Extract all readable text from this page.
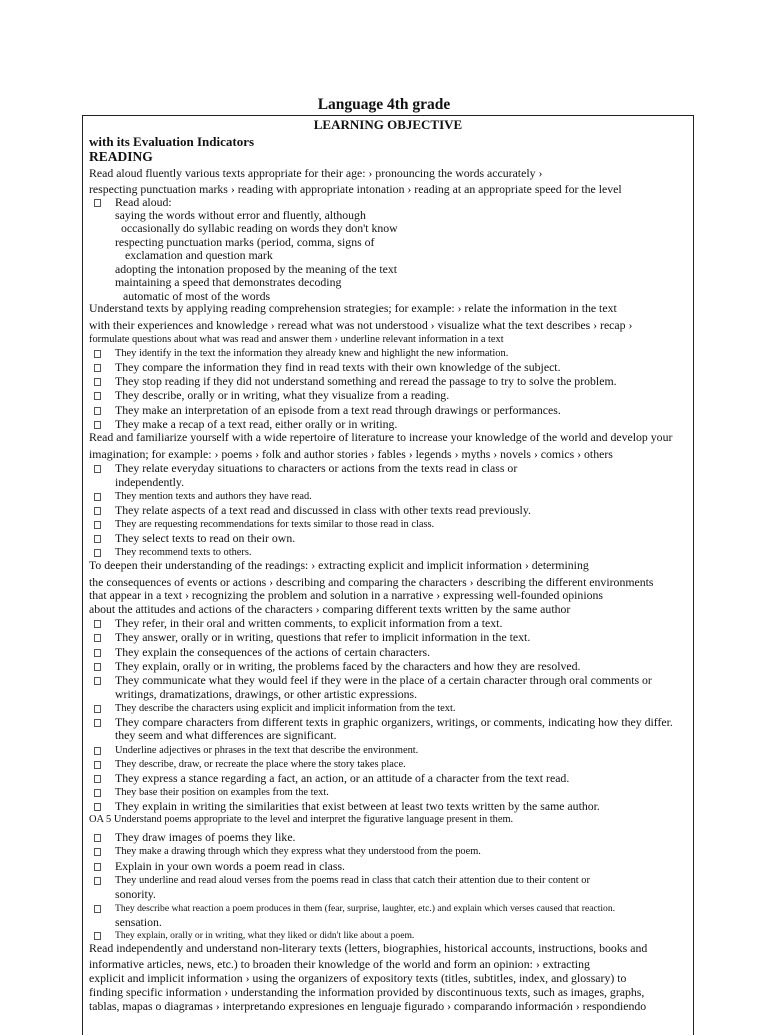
Language 4th grade
LEARNING OBJECTIVE
with its Evaluation Indicators
READING
Read aloud fluently various texts appropriate for their age: › pronouncing the words accurately ›
respecting punctuation marks › reading with appropriate intonation › reading at an appropriate speed for the level
Read aloud:
saying the words without error and fluently, although
occasionally do syllabic reading on words they don't know
respecting punctuation marks (period, comma, signs of
exclamation and question mark
adopting the intonation proposed by the meaning of the text
maintaining a speed that demonstrates decoding
automatic of most of the words
Understand texts by applying reading comprehension strategies; for example: › relate the information in the text
with their experiences and knowledge › reread what was not understood › visualize what the text describes › recap ›
formulate questions about what was read and answer them › underline relevant information in a text
They identify in the text the information they already knew and highlight the new information.
They compare the information they find in read texts with their own knowledge of the subject.
They stop reading if they did not understand something and reread the passage to try to solve the problem.
They describe, orally or in writing, what they visualize from a reading.
They make an interpretation of an episode from a text read through drawings or performances.
They make a recap of a text read, either orally or in writing.
Read and familiarize yourself with a wide repertoire of literature to increase your knowledge of the world and develop your
imagination; for example: › poems › folk and author stories › fables › legends › myths › novels › comics › others
They relate everyday situations to characters or actions from the texts read in class or
independently.
They mention texts and authors they have read.
They relate aspects of a text read and discussed in class with other texts read previously.
They are requesting recommendations for texts similar to those read in class.
They select texts to read on their own.
They recommend texts to others.
To deepen their understanding of the readings: › extracting explicit and implicit information › determining
the consequences of events or actions › describing and comparing the characters › describing the different environments
that appear in a text › recognizing the problem and solution in a narrative › expressing well-founded opinions
about the attitudes and actions of the characters › comparing different texts written by the same author
They refer, in their oral and written comments, to explicit information from a text.
They answer, orally or in writing, questions that refer to implicit information in the text.
They explain the consequences of the actions of certain characters.
They explain, orally or in writing, the problems faced by the characters and how they are resolved.
They communicate what they would feel if they were in the place of a certain character through oral comments or
writings, dramatizations, drawings, or other artistic expressions.
They describe the characters using explicit and implicit information from the text.
They compare characters from different texts in graphic organizers, writings, or comments, indicating how they differ.
they seem and what differences are significant.
Underline adjectives or phrases in the text that describe the environment.
They describe, draw, or recreate the place where the story takes place.
They express a stance regarding a fact, an action, or an attitude of a character from the text read.
They base their position on examples from the text.
They explain in writing the similarities that exist between at least two texts written by the same author.
OA 5 Understand poems appropriate to the level and interpret the figurative language present in them.
They draw images of poems they like.
They make a drawing through which they express what they understood from the poem.
Explain in your own words a poem read in class.
They underline and read aloud verses from the poems read in class that catch their attention due to their content or
sonority.
They describe what reaction a poem produces in them (fear, surprise, laughter, etc.) and explain which verses caused that reaction.
sensation.
They explain, orally or in writing, what they liked or didn't like about a poem.
Read independently and understand non-literary texts (letters, biographies, historical accounts, instructions, books and
informative articles, news, etc.) to broaden their knowledge of the world and form an opinion: › extracting
explicit and implicit information › using the organizers of expository texts (titles, subtitles, index, and glossary) to
finding specific information › understanding the information provided by discontinuous texts, such as images, graphs,
tablas, mapas o diagramas › interpretando expresiones en lenguaje figurado › comparando información › respondiendo
